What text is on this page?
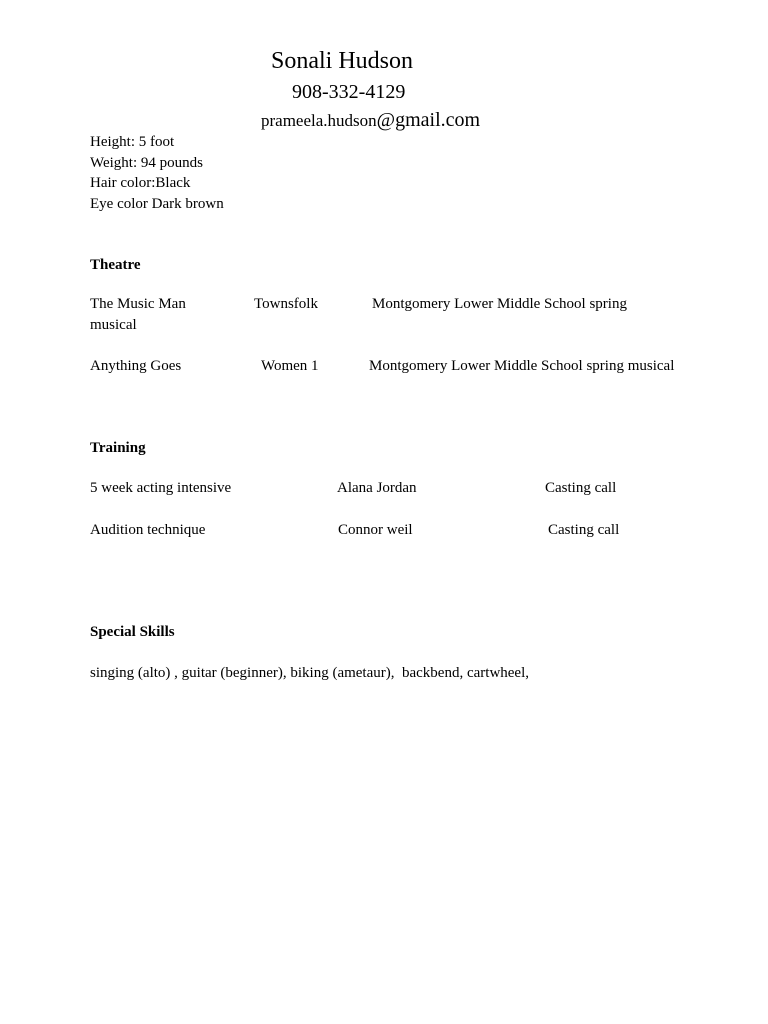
Sonali Hudson
908-332-4129
prameela.hudson@gmail.com
Height: 5 foot
Weight: 94 pounds
Hair color:Black
Eye color Dark brown
Theatre
The Music Man	Townsfolk	Montgomery Lower Middle School spring
musical
Anything Goes	Women 1	Montgomery Lower Middle School spring musical
Training
5 week acting intensive	Alana Jordan	Casting call
Audition technique	Connor weil	Casting call
Special Skills
singing (alto) , guitar (beginner), biking (ametaur),  backbend, cartwheel,
